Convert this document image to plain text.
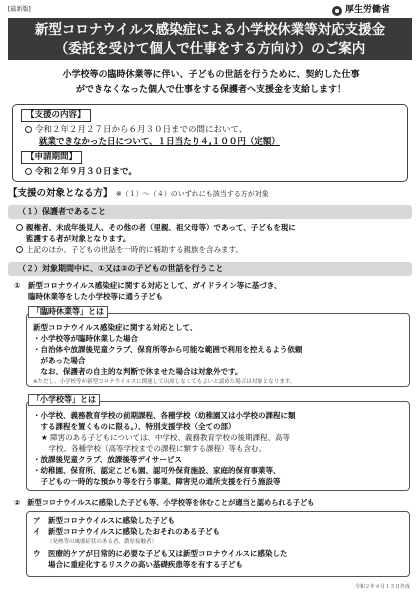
[最新版]	厚生労働省
新型コロナウイルス感染症による小学校休業等対応支援金
（委託を受けて個人で仕事をする方向け）のご案内
小学校等の臨時休業等に伴い、子どもの世話を行うために、契約した仕事
ができなくなった個人で仕事をする保護者へ支援金を支給します！
【支援の内容】
令和２年２月２７日から６月３０日までの間において、
就業できなかった日について、１日当たり４,１００円（定額）
【申請期間】
令和２年９月３０日まで。
【支援の対象となる方】 ※（１）～（４）のいずれにも該当する方が対象
（１）保護者であること
親権者、未成年後見人、その他の者（里親、祖父母等）であって、子どもを現に
監護する者が対象となります。
上記のほか、子どもの世話を一時的に補助する親族を含みます。
（２）対象期間中に、①又は②の子どもの世話を行うこと
①　新型コロナウイルス感染症に関する対応として、ガイドライン等に基づき、
臨時休業等をした小学校等に通う子ども
「臨時休業等」とは
新型コロナウイルス感染症に関する対応として、
・小学校等が臨時休業した場合
・自治体や放課後児童クラブ、保育所等から可能な範囲で利用を控えるよう依頼
　があった場合
　なお、保護者の自主的な判断で休ませた場合は対象外です。
※ただし、小学校等が新型コロナウイルスに関連して出席しなくてもよいと認めた場合は対象となります。
「小学校等」とは
・小学校、義務教育学校の前期課程、各種学校（幼稚園又は小学校の課程に類
　する課程を置くものに限る。）、特別支援学校（全ての部）
★ 障害のある子どもについては、中学校、義務教育学校の後期課程、高等
　学校、各種学校（高等学校までの課程に類する課程）等も含む。
・放課後児童クラブ、放課後等デイサービス
・幼稚園、保育所、認定こども園、認可外保育施設、家庭的保育事業等、
　子どもの一時的な預かり等を行う事業、障害児の通所支援を行う施設等
②　新型コロナウイルスに感染した子ども等、小学校等を休むことが適当と認められる子ども
ア　新型コロナウイルスに感染した子ども
イ　新型コロナウイルスに感染したおそれのある子ども
（発熱等の風邪症状のある者、濃厚接触者）
ウ　医療的ケアが日常的に必要な子ども又は新型コロナウイルスに感染した
　　場合に重症化するリスクの高い基礎疾患等を有する子ども
令和２年４月１５日作成
